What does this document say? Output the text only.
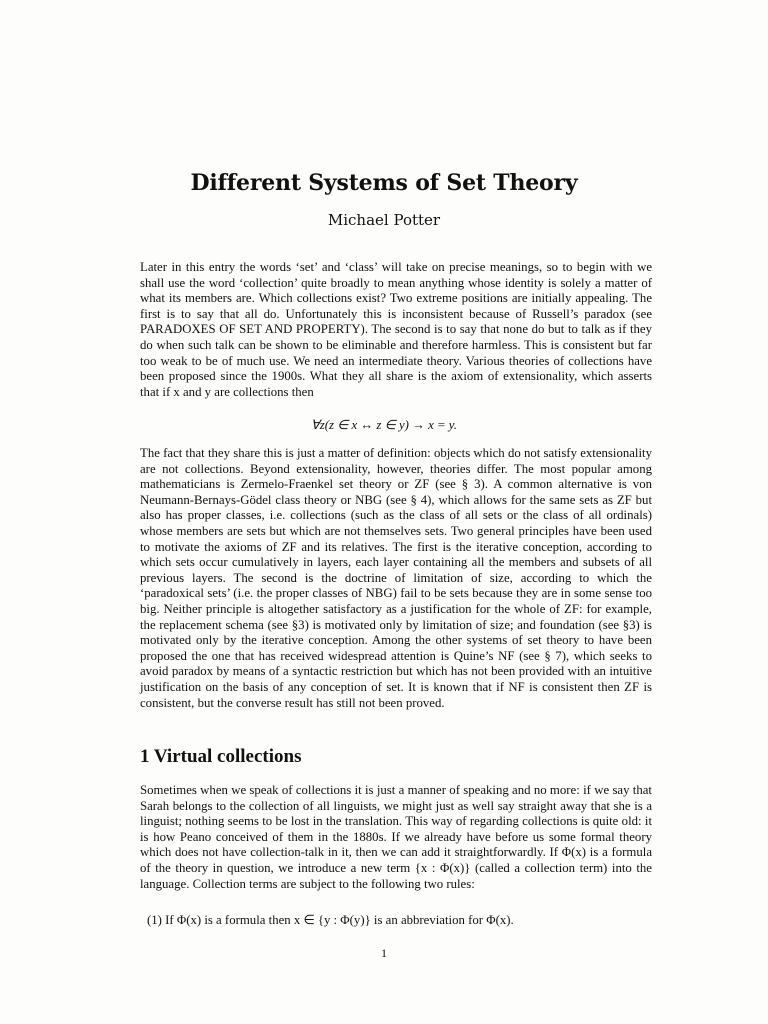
Different Systems of Set Theory
Michael Potter
Later in this entry the words ‘set’ and ‘class’ will take on precise meanings, so to begin with we shall use the word ‘collection’ quite broadly to mean anything whose identity is solely a matter of what its members are. Which collections exist? Two extreme positions are initially appealing. The first is to say that all do. Unfortunately this is inconsistent because of Russell’s paradox (see PARADOXES OF SET AND PROPERTY). The second is to say that none do but to talk as if they do when such talk can be shown to be eliminable and therefore harmless. This is consistent but far too weak to be of much use. We need an intermediate theory. Various theories of collections have been proposed since the 1900s. What they all share is the axiom of extensionality, which asserts that if x and y are collections then
∀z(z ∈ x ↔ z ∈ y) → x = y.
The fact that they share this is just a matter of definition: objects which do not satisfy extensionality are not collections. Beyond extensionality, however, theories differ. The most popular among mathematicians is Zermelo-Fraenkel set theory or ZF (see § 3). A common alternative is von Neumann-Bernays-Gödel class theory or NBG (see § 4), which allows for the same sets as ZF but also has proper classes, i.e. collections (such as the class of all sets or the class of all ordinals) whose members are sets but which are not themselves sets. Two general principles have been used to motivate the axioms of ZF and its relatives. The first is the iterative conception, according to which sets occur cumulatively in layers, each layer containing all the members and subsets of all previous layers. The second is the doctrine of limitation of size, according to which the ‘paradoxical sets’ (i.e. the proper classes of NBG) fail to be sets because they are in some sense too big. Neither principle is altogether satisfactory as a justification for the whole of ZF: for example, the replacement schema (see §3) is motivated only by limitation of size; and foundation (see §3) is motivated only by the iterative conception. Among the other systems of set theory to have been proposed the one that has received widespread attention is Quine’s NF (see § 7), which seeks to avoid paradox by means of a syntactic restriction but which has not been provided with an intuitive justification on the basis of any conception of set. It is known that if NF is consistent then ZF is consistent, but the converse result has still not been proved.
1 Virtual collections
Sometimes when we speak of collections it is just a manner of speaking and no more: if we say that Sarah belongs to the collection of all linguists, we might just as well say straight away that she is a linguist; nothing seems to be lost in the translation. This way of regarding collections is quite old: it is how Peano conceived of them in the 1880s. If we already have before us some formal theory which does not have collection-talk in it, then we can add it straightforwardly. If Φ(x) is a formula of the theory in question, we introduce a new term {x : Φ(x)} (called a collection term) into the language. Collection terms are subject to the following two rules:
(1) If Φ(x) is a formula then x ∈ {y : Φ(y)} is an abbreviation for Φ(x).
1
